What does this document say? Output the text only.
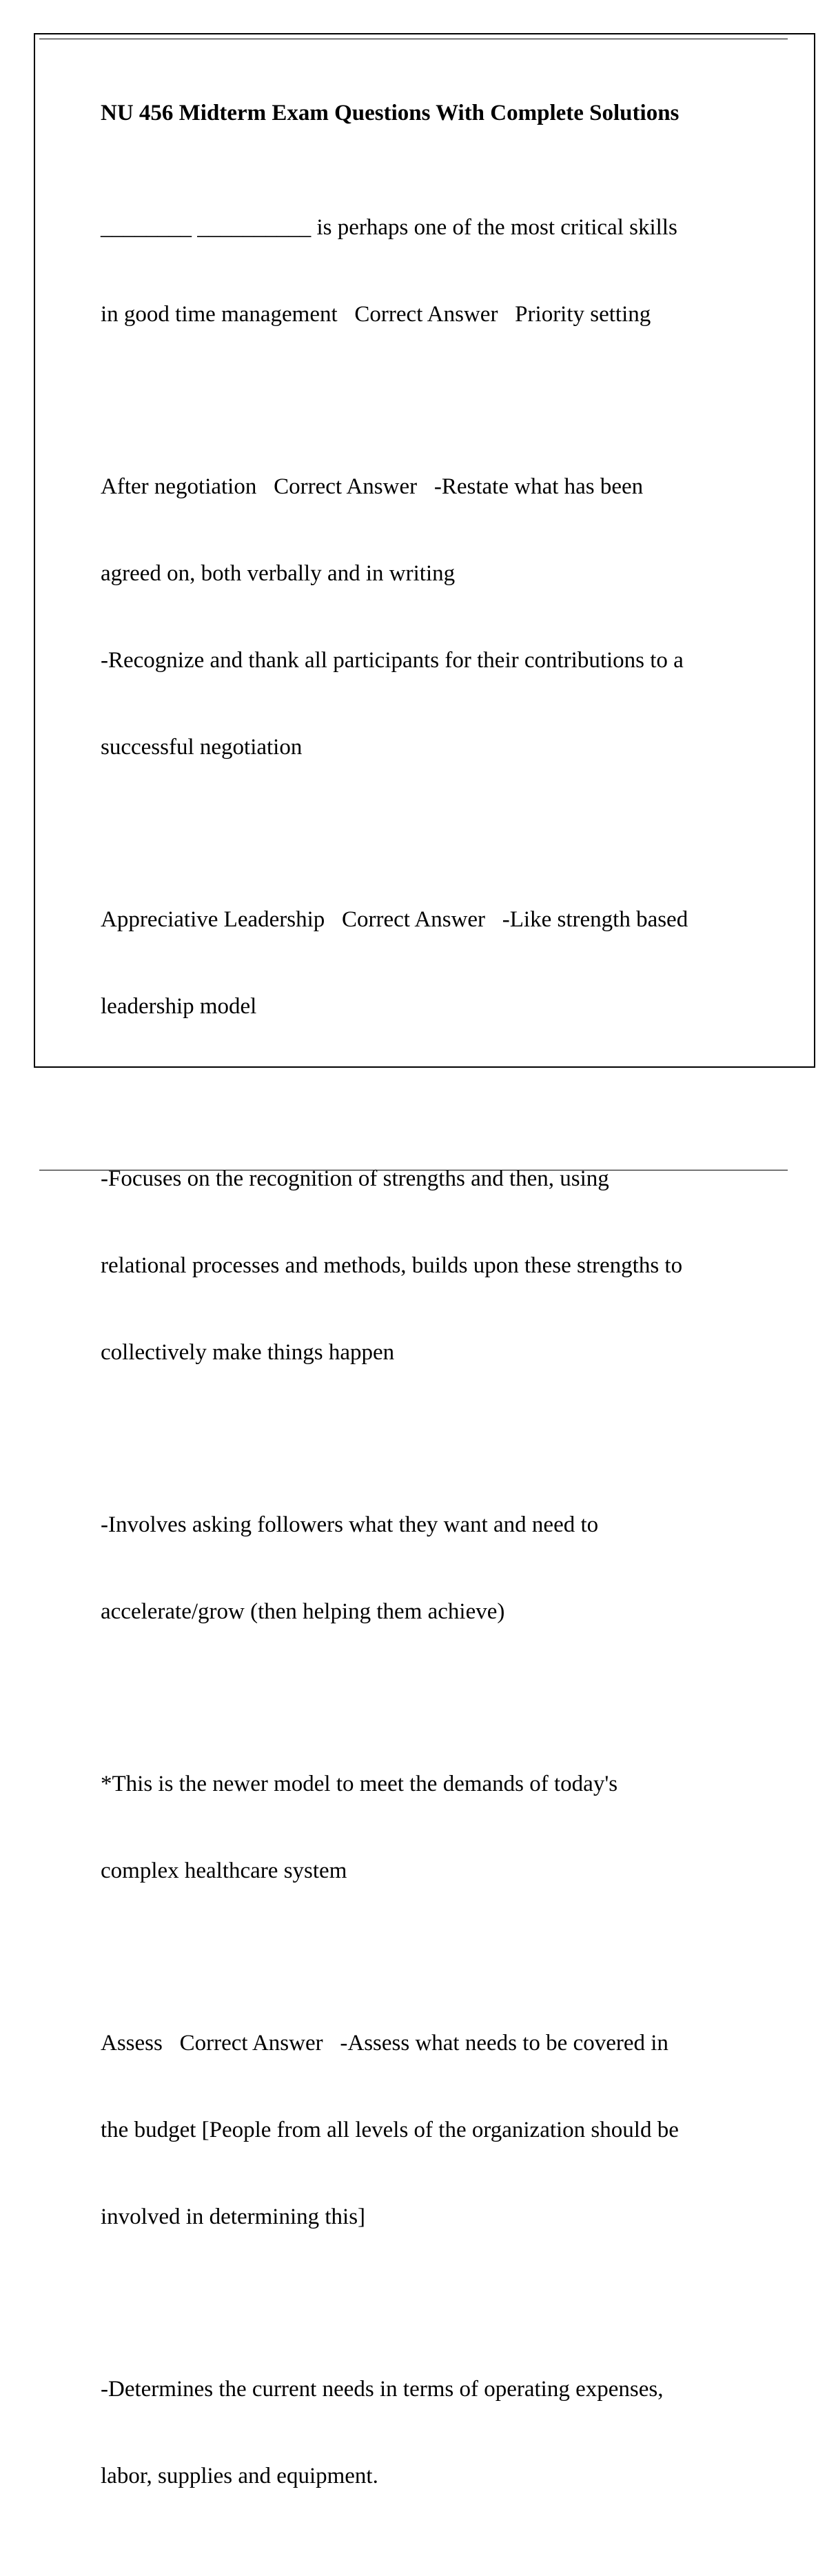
NU 456 Midterm Exam Questions With Complete Solutions

________ __________ is perhaps one of the most critical skills

in good time management   Correct Answer   Priority setting

After negotiation   Correct Answer   -Restate what has been

agreed on, both verbally and in writing

-Recognize and thank all participants for their contributions to a

successful negotiation

Appreciative Leadership   Correct Answer   -Like strength based

leadership model

-Focuses on the recognition of strengths and then, using

relational processes and methods, builds upon these strengths to

collectively make things happen

-Involves asking followers what they want and need to

accelerate/grow (then helping them achieve)

*This is the newer model to meet the demands of today's

complex healthcare system

Assess   Correct Answer   -Assess what needs to be covered in

the budget [People from all levels of the organization should be

involved in determining this]

-Determines the current needs in terms of operating expenses,

labor, supplies and equipment.
